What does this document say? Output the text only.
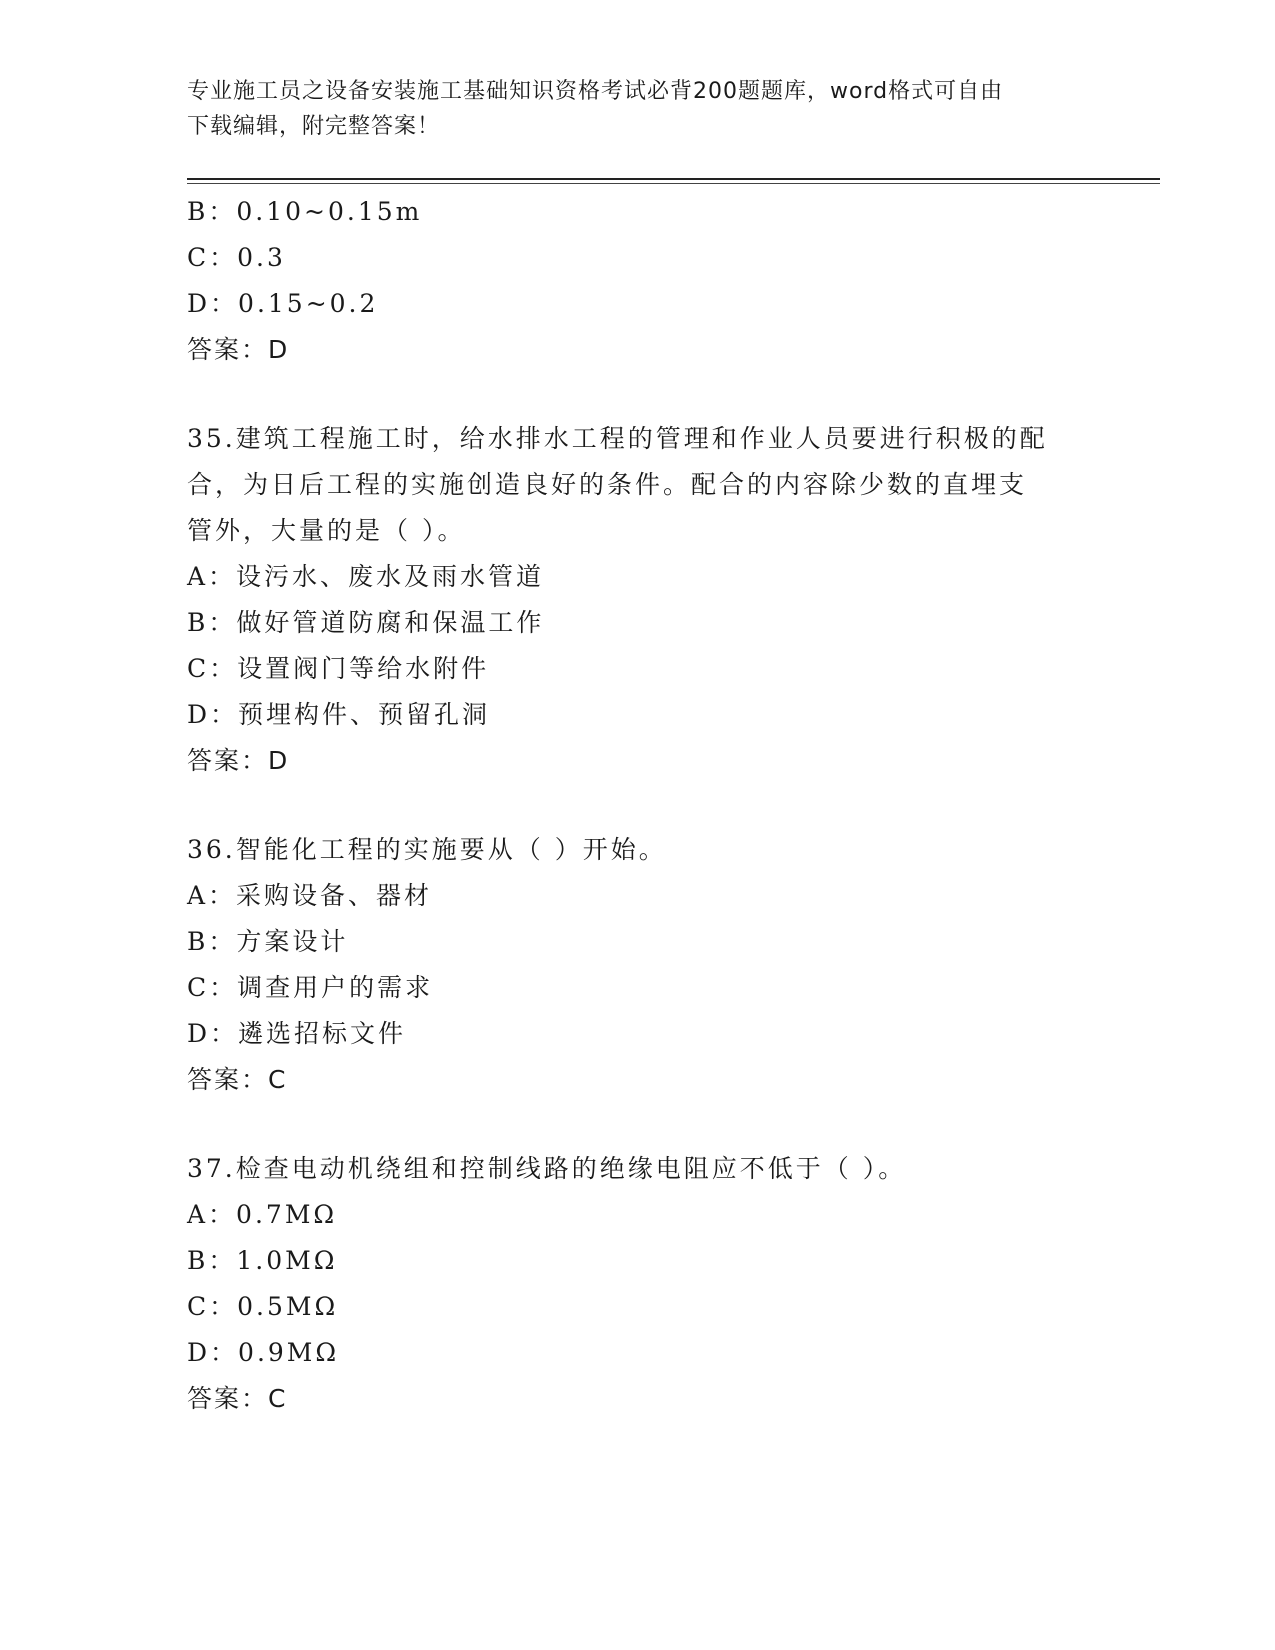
专业施工员之设备安装施工基础知识资格考试必背200题题库，word格式可自由
下载编辑，附完整答案！
B：0.10~0.15m
C：0.3
D：0.15~0.2
答案：D
35.建筑工程施工时，给水排水工程的管理和作业人员要进行积极的配
合，为日后工程的实施创造良好的条件。配合的内容除少数的直埋支
管外，大量的是（ ）。
A：设污水、废水及雨水管道
B：做好管道防腐和保温工作
C：设置阀门等给水附件
D：预埋构件、预留孔洞
答案：D
36.智能化工程的实施要从（ ）开始。
A：采购设备、器材
B：方案设计
C：调查用户的需求
D：遴选招标文件
答案：C
37.检查电动机绕组和控制线路的绝缘电阻应不低于（ ）。
A：0.7MΩ
B：1.0MΩ
C：0.5MΩ
D：0.9MΩ
答案：C
